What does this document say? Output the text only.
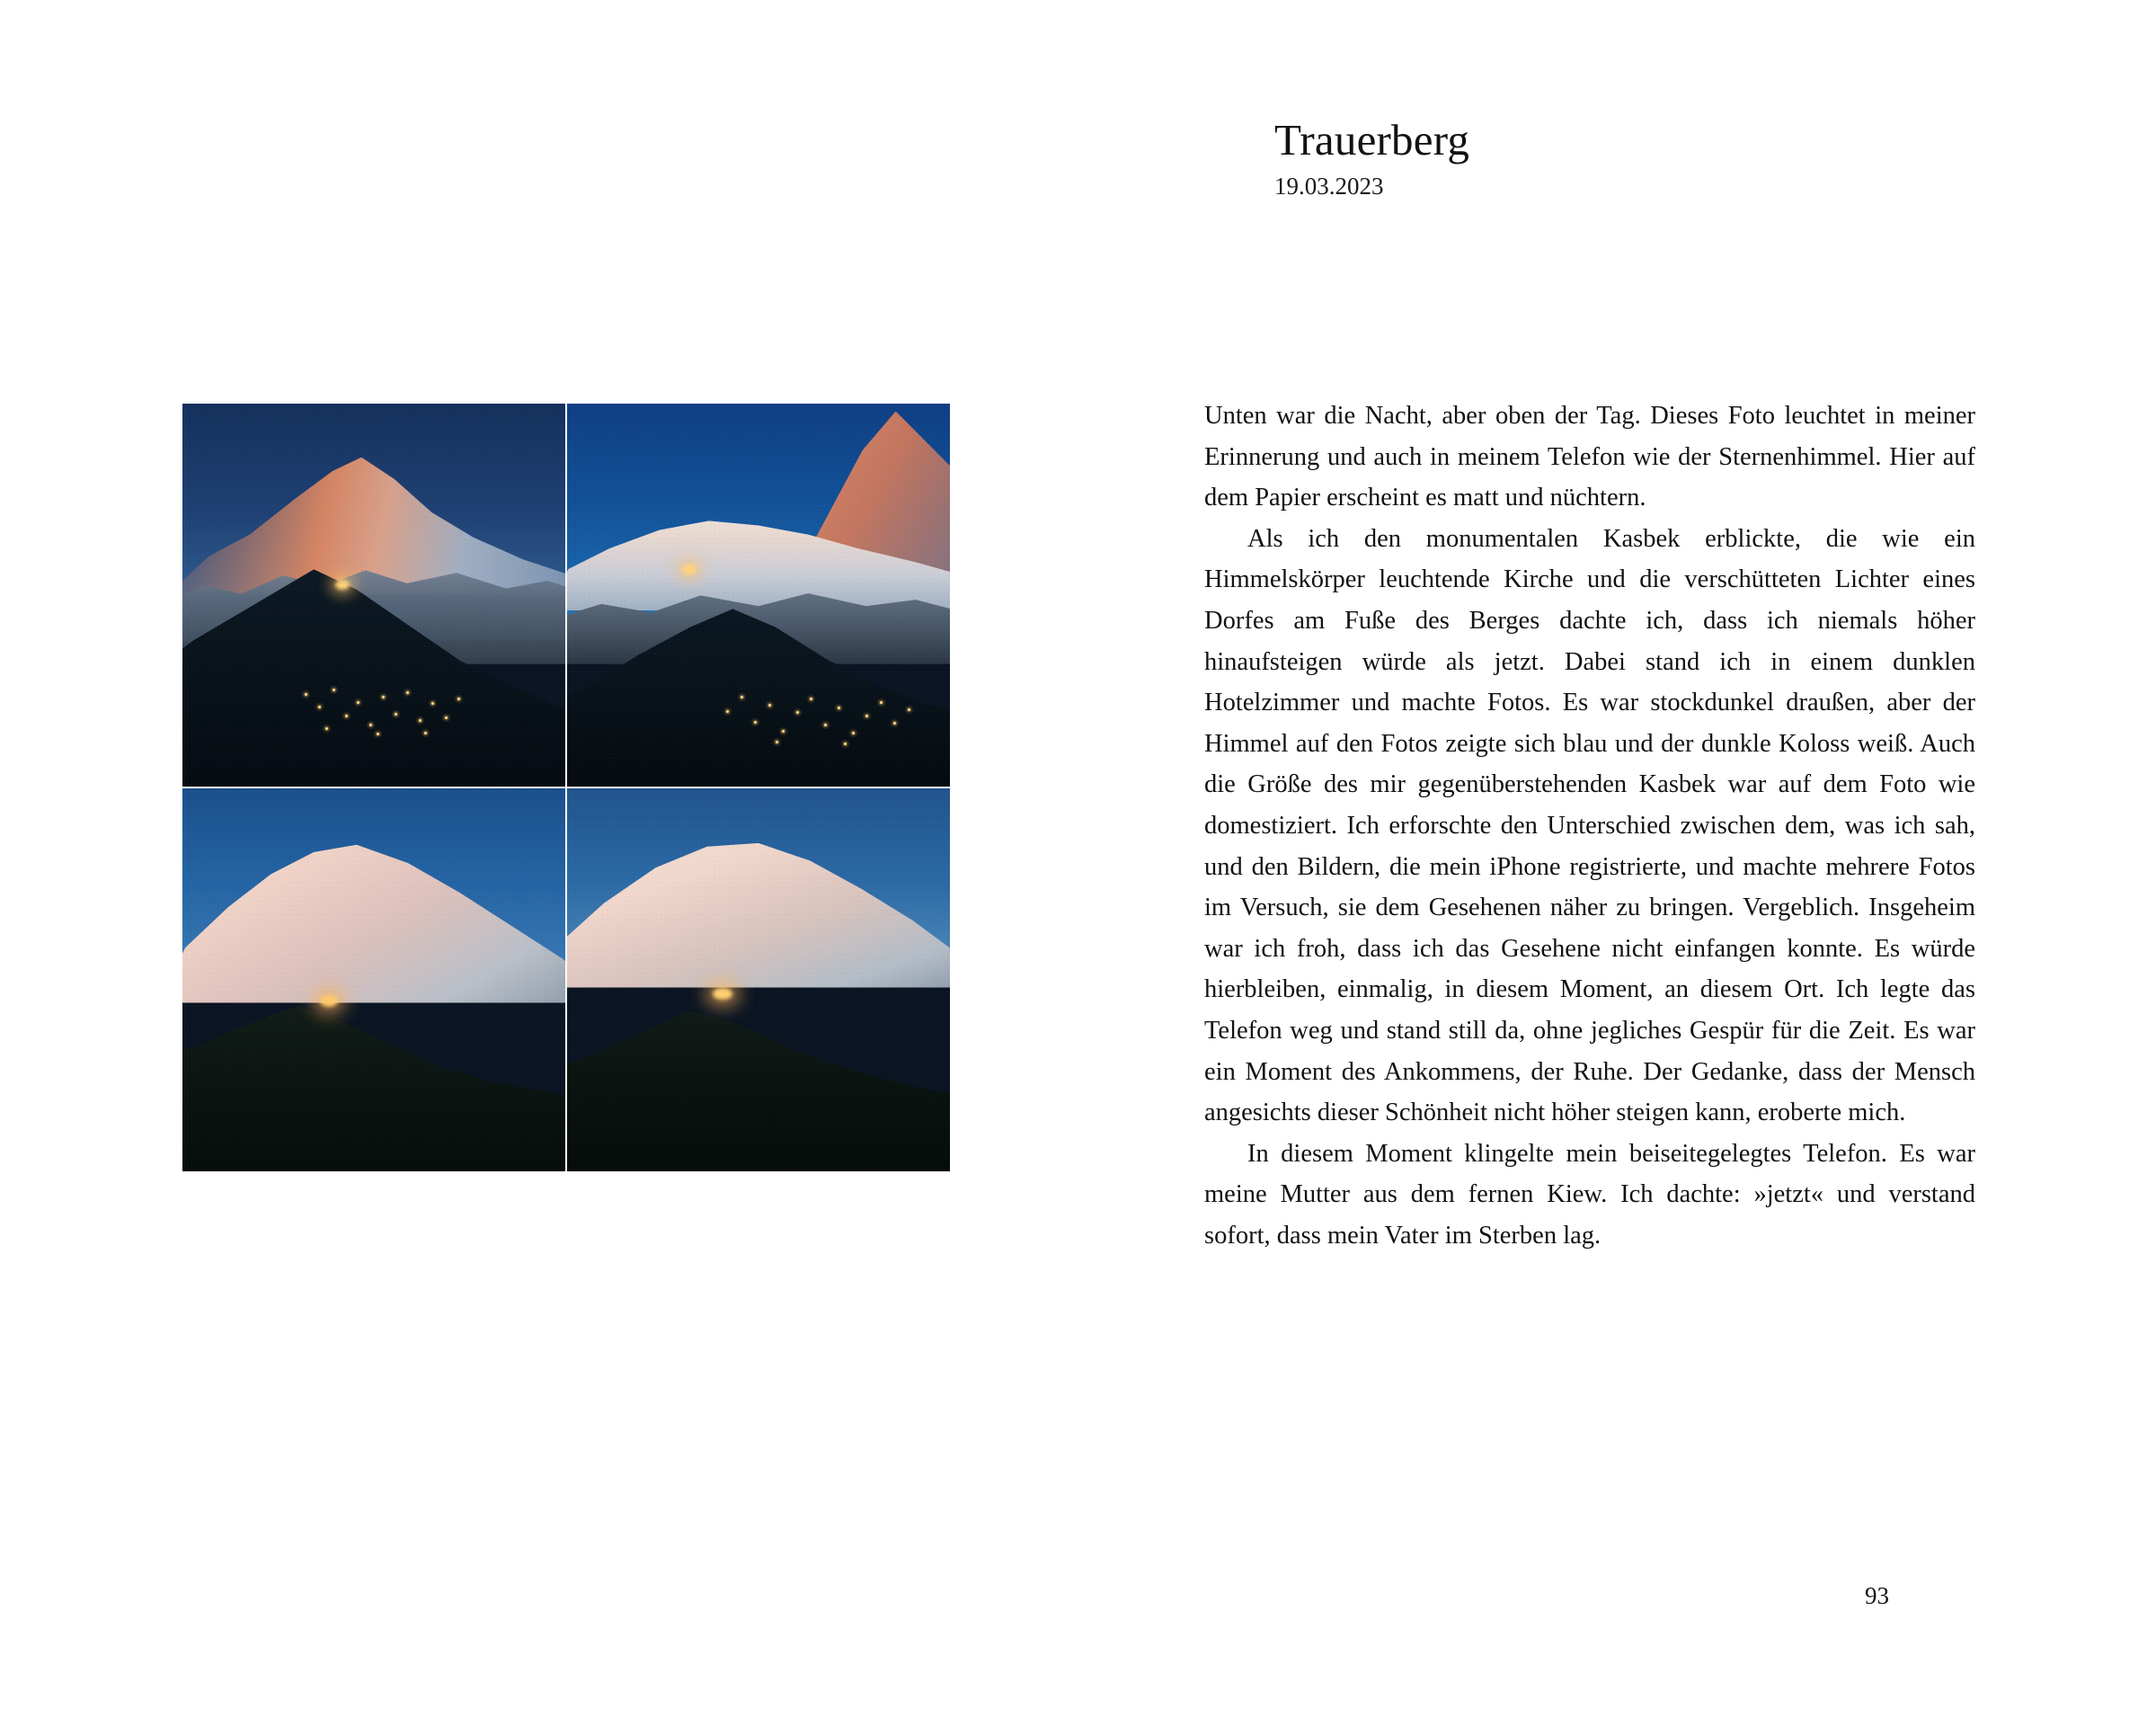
Trauerberg
19.03.2023

Unten war die Nacht, aber oben der Tag. Dieses Foto leuchtet in meiner Erinnerung und auch in meinem Telefon wie der Sternenhimmel. Hier auf dem Papier erscheint es matt und nüchtern.

Als ich den monumentalen Kasbek erblickte, die wie ein Himmelskörper leuchtende Kirche und die verschütteten Lichter eines Dorfes am Fuße des Berges dachte ich, dass ich niemals höher hinaufsteigen würde als jetzt. Dabei stand ich in einem dunklen Hotelzimmer und machte Fotos. Es war stockdunkel draußen, aber der Himmel auf den Fotos zeigte sich blau und der dunkle Koloss weiß. Auch die Größe des mir gegenüberstehenden Kasbek war auf dem Foto wie domestiziert. Ich erforschte den Unterschied zwischen dem, was ich sah, und den Bildern, die mein iPhone registrierte, und machte mehrere Fotos im Versuch, sie dem Gesehenen näher zu bringen. Vergeblich. Insgeheim war ich froh, dass ich das Gesehene nicht einfangen konnte. Es würde hierbleiben, einmalig, in diesem Moment, an diesem Ort. Ich legte das Telefon weg und stand still da, ohne jegliches Gespür für die Zeit. Es war ein Moment des Ankommens, der Ruhe. Der Gedanke, dass der Mensch angesichts dieser Schönheit nicht höher steigen kann, eroberte mich.

In diesem Moment klingelte mein beiseitegelegtes Telefon. Es war meine Mutter aus dem fernen Kiew. Ich dachte: »jetzt« und verstand sofort, dass mein Vater im Sterben lag.

93
